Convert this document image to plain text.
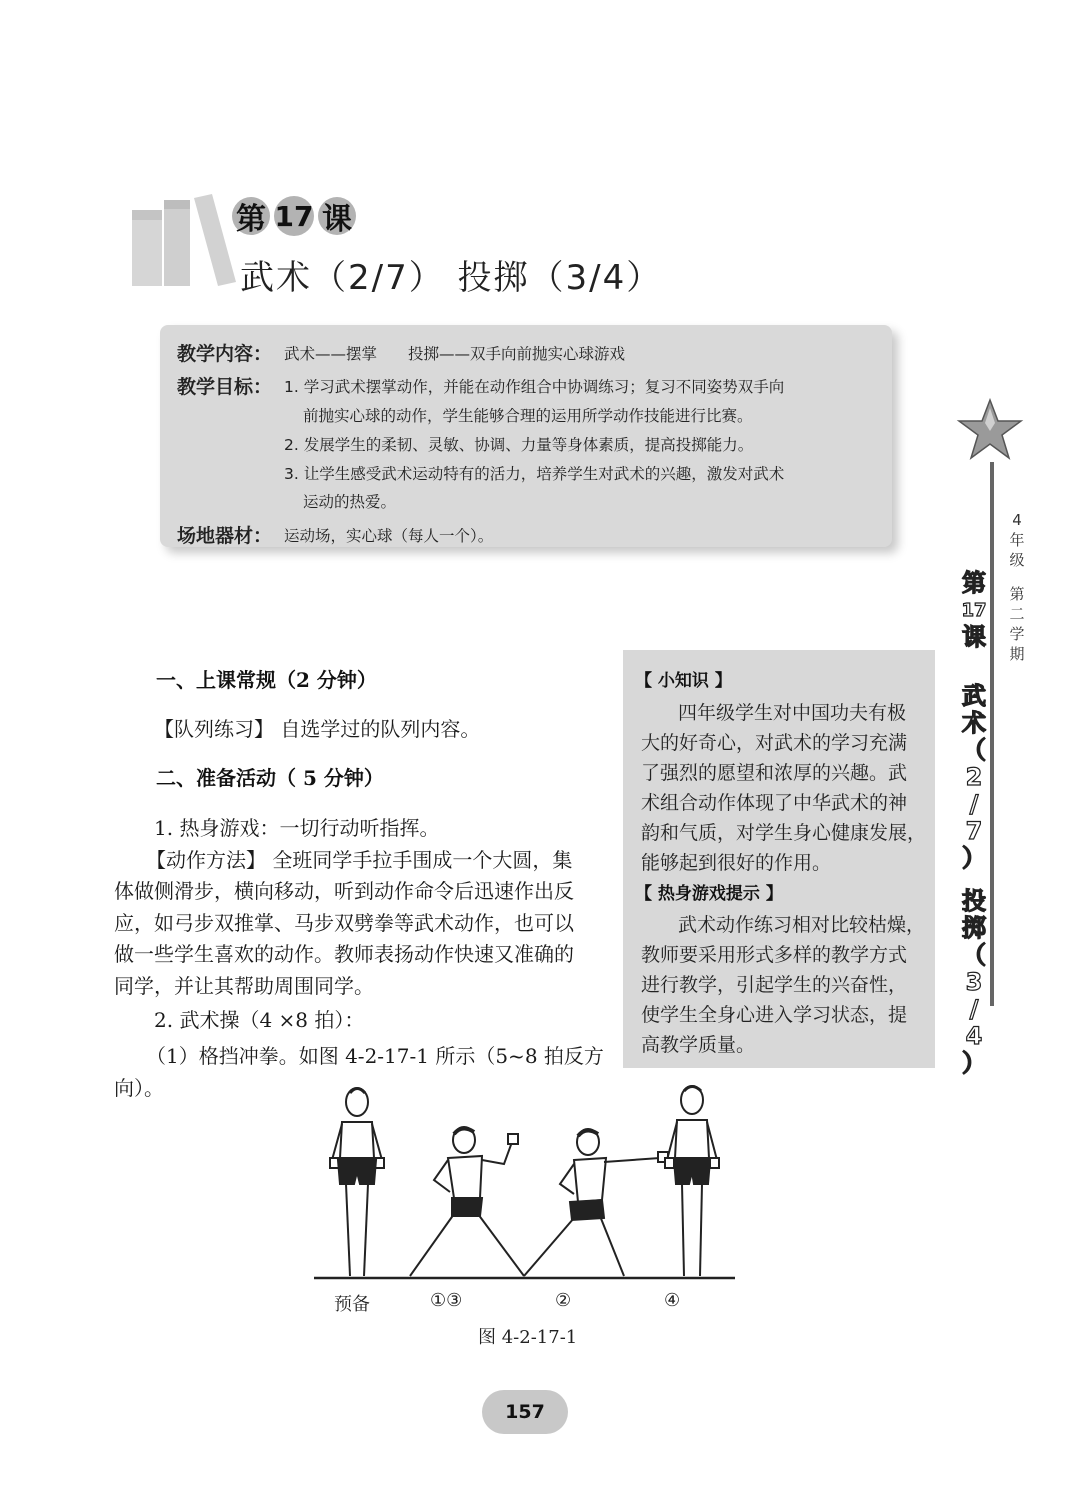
第 17 课
武术（2/7） 投掷（3/4）
教学内容： 武术——摆掌　　投掷——双手向前抛实心球游戏
教学目标： 1. 学习武术摆掌动作，并能在动作组合中协调练习；复习不同姿势双手向
前抛实心球的动作，学生能够合理的运用所学动作技能进行比赛。
2. 发展学生的柔韧、灵敏、协调、力量等身体素质，提高投掷能力。
3. 让学生感受武术运动特有的活力，培养学生对武术的兴趣，激发对武术
运动的热爱。
场地器材： 运动场，实心球（每人一个）。
4
年
级
第
二
学
期
第
17
课
武
术
（
2
/
7
）
投
掷
（
3
/
4
）
一、上课常规（2 分钟）
【队列练习】 自选学过的队列内容。
二、准备活动（ 5 分钟）
1. 热身游戏：一切行动听指挥。
【动作方法】 全班同学手拉手围成一个大圆，集
体做侧滑步，横向移动，听到动作命令后迅速作出反
应，如弓步双推掌、马步双劈拳等武术动作，也可以
做一些学生喜欢的动作。教师表扬动作快速又准确的
同学，并让其帮助周围同学。
2. 武术操（4 ×8 拍）：
（1）格挡冲拳。如图 4-2-17-1 所示（5~8 拍反方
向）。
【 小知识 】
四年级学生对中国功夫有极
大的好奇心，对武术的学习充满
了强烈的愿望和浓厚的兴趣。武
术组合动作体现了中华武术的神
韵和气质，对学生身心健康发展，
能够起到很好的作用。
【 热身游戏提示 】
武术动作练习相对比较枯燥，
教师要采用形式多样的教学方式
进行教学，引起学生的兴奋性，
使学生全身心进入学习状态，提
高教学质量。
预备	①③	②	④
图 4-2-17-1
157
